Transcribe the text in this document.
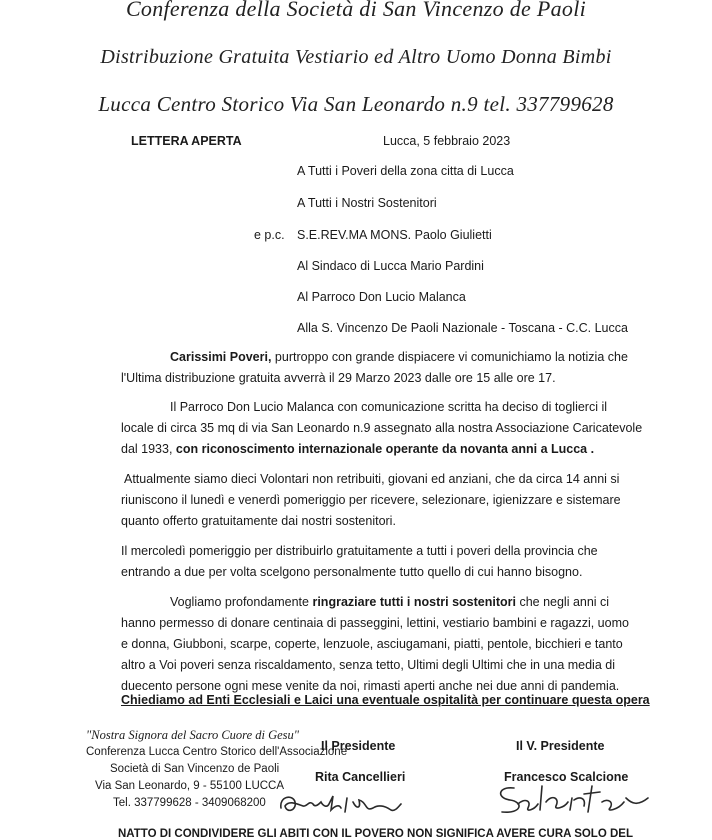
Conferenza della Società di San Vincenzo de Paoli
Distribuzione Gratuita Vestiario ed Altro Uomo Donna Bimbi
Lucca Centro Storico Via San Leonardo n.9 tel. 337799628
LETTERA APERTA	Lucca, 5 febbraio 2023
A Tutti i Poveri della zona citta di Lucca
A Tutti i Nostri Sostenitori
e p.c. S.E.REV.MA MONS. Paolo Giulietti
Al Sindaco di Lucca Mario Pardini
Al Parroco Don Lucio Malanca
Alla S. Vincenzo De Paoli Nazionale - Toscana - C.C. Lucca
Carissimi Poveri, purtroppo con grande dispiacere vi comunichiamo la notizia che
l'Ultima distribuzione gratuita avverrà il 29 Marzo 2023 dalle ore 15 alle ore 17.
Il Parroco Don Lucio Malanca con comunicazione scritta ha deciso di toglierci il
locale di circa 35 mq di via San Leonardo n.9 assegnato alla nostra Associazione Caricatevole
dal 1933, con riconoscimento internazionale operante da novanta anni a Lucca .
Attualmente siamo dieci Volontari non retribuiti, giovani ed anziani, che da circa 14 anni si
riuniscono il lunedì e venerdì pomeriggio per ricevere, selezionare, igienizzare e sistemare
quanto offerto gratuitamente dai nostri sostenitori.
Il mercoledì pomeriggio per distribuirlo gratuitamente a tutti i poveri della provincia che
entrando a due per volta scelgono personalmente tutto quello di cui hanno bisogno.
Vogliamo profondamente ringraziare tutti i nostri sostenitori che negli anni ci
hanno permesso di donare centinaia di passeggini, lettini, vestiario bambini e ragazzi, uomo
e donna, Giubboni, scarpe, coperte, lenzuole, asciugamani, piatti, pentole, bicchieri e tanto
altro a Voi poveri senza riscaldamento, senza tetto, Ultimi degli Ultimi che in una media di
duecento persone ogni mese venite da noi, rimasti aperti anche nei due anni di pandemia.
Chiediamo ad Enti Ecclesiali e Laici una eventuale ospitalità per continuare questa opera
"Nostra Signora del Sacro Cuore di Gesu"
Conferenza Lucca Centro Storico dell'Associazione
Società di San Vincenzo de Paoli
Via San Leonardo, 9 - 55100 LUCCA
Tel. 337799628 - 3409068200
Il Presidente
Rita Cancellieri
Il V. Presidente
Francesco Scalcione
NATTO DI CONDIVIDERE GLI ABITI CON IL POVERO NON SIGNIFICA AVERE CURA SOLO DEL
